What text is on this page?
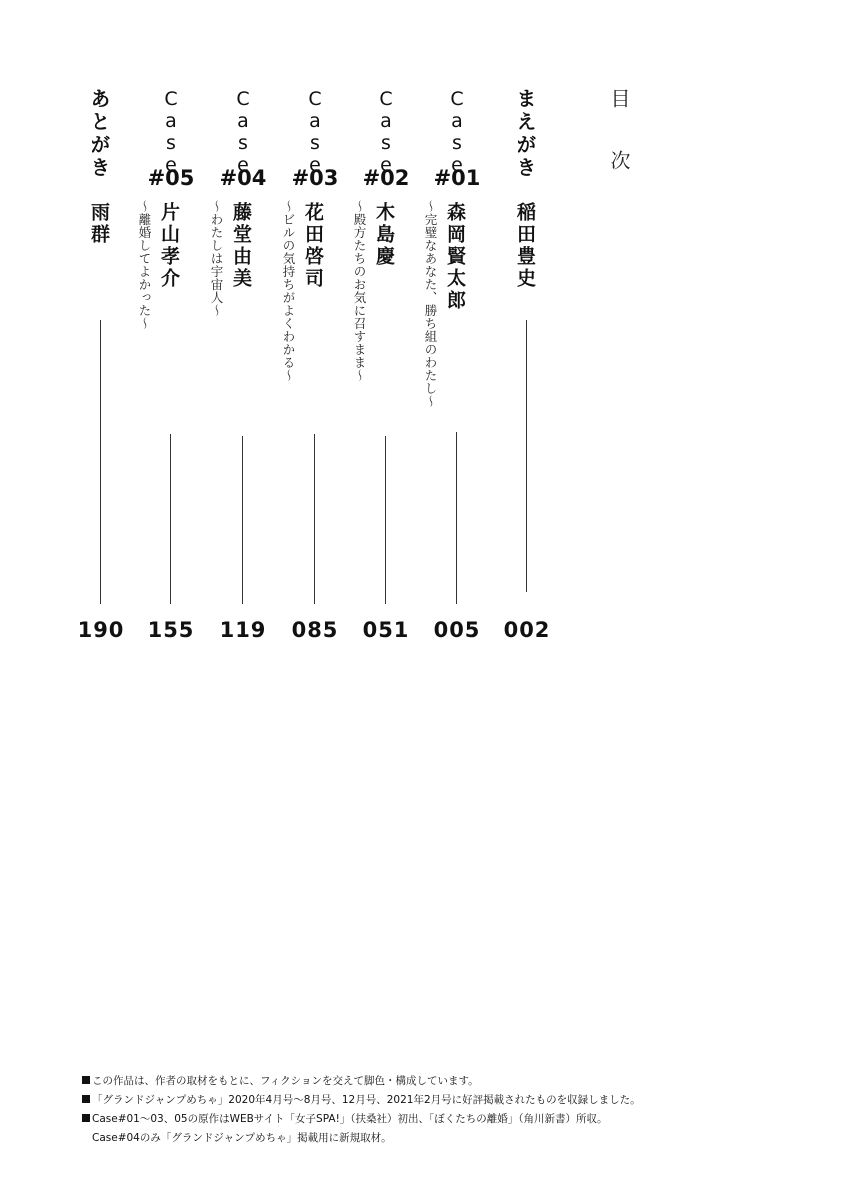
目次
まえがき
稲田豊史
002
Case
#01
森岡賢太郎
～完璧なあなた、勝ち組のわたし～
005
Case
#02
木島慶
～殿方たちのお気に召すまま～
051
Case
#03
花田啓司
～ビルの気持ちがよくわかる～
085
Case
#04
藤堂由美
～わたしは宇宙人～
119
Case
#05
片山孝介
～離婚してよかった～
155
あとがき
雨群
190
この作品は、作者の取材をもとに、フィクションを交えて脚色・構成しています。
「グランドジャンプめちゃ」2020年4月号～8月号、12月号、2021年2月号に好評掲載されたものを収録しました。
Case#01～03、05の原作はWEBサイト「女子SPA!」（扶桑社）初出、「ぼくたちの離婚」（角川新書）所収。
Case#04のみ「グランドジャンプめちゃ」掲載用に新規取材。
